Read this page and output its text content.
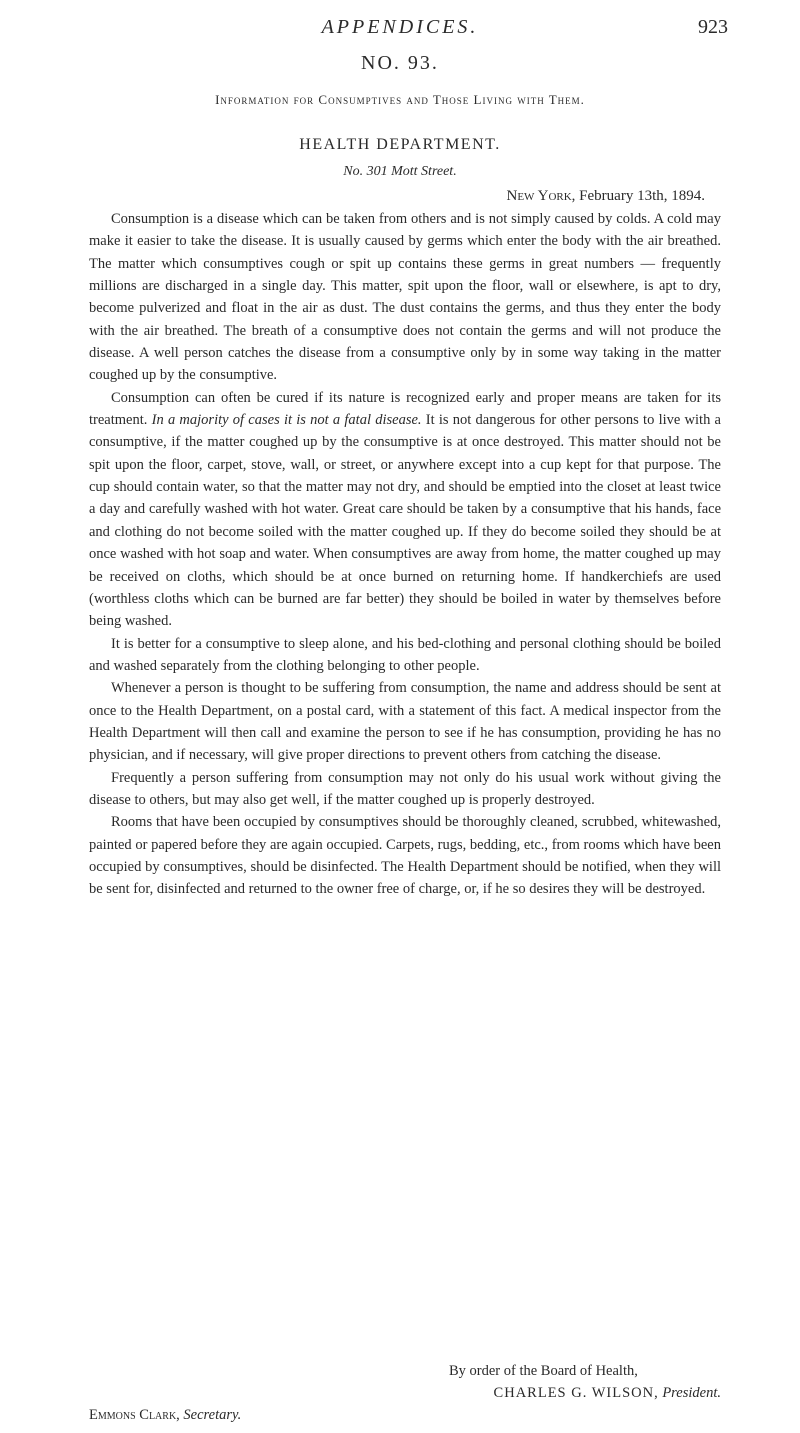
APPENDICES.	923
NO. 93.
Information for Consumptives and Those Living with Them.
HEALTH DEPARTMENT.
No. 301 Mott Street.
New York, February 13th, 1894.

Consumption is a disease which can be taken from others and is not simply caused by colds. A cold may make it easier to take the disease. It is usually caused by germs which enter the body with the air breathed. The matter which consumptives cough or spit up contains these germs in great numbers — frequently millions are discharged in a single day. This matter, spit upon the floor, wall or elsewhere, is apt to dry, become pulverized and float in the air as dust. The dust contains the germs, and thus they enter the body with the air breathed. The breath of a consumptive does not contain the germs and will not produce the disease. A well person catches the disease from a consumptive only by in some way taking in the matter coughed up by the consumptive.

Consumption can often be cured if its nature is recognized early and proper means are taken for its treatment. In a majority of cases it is not a fatal disease. It is not dangerous for other persons to live with a consumptive, if the matter coughed up by the consumptive is at once destroyed. This matter should not be spit upon the floor, carpet, stove, wall, or street, or anywhere except into a cup kept for that purpose. The cup should contain water, so that the matter may not dry, and should be emptied into the closet at least twice a day and carefully washed with hot water. Great care should be taken by a consumptive that his hands, face and clothing do not become soiled with the matter coughed up. If they do become soiled they should be at once washed with hot soap and water. When consumptives are away from home, the matter coughed up may be received on cloths, which should be at once burned on returning home. If handkerchiefs are used (worthless cloths which can be burned are far better) they should be boiled in water by themselves before being washed.

It is better for a consumptive to sleep alone, and his bed-clothing and personal clothing should be boiled and washed separately from the clothing belonging to other people.

Whenever a person is thought to be suffering from consumption, the name and address should be sent at once to the Health Department, on a postal card, with a statement of this fact. A medical inspector from the Health Department will then call and examine the person to see if he has consumption, providing he has no physician, and if necessary, will give proper directions to prevent others from catching the disease.

Frequently a person suffering from consumption may not only do his usual work without giving the disease to others, but may also get well, if the matter coughed up is properly destroyed.

Rooms that have been occupied by consumptives should be thoroughly cleaned, scrubbed, whitewashed, painted or papered before they are again occupied. Carpets, rugs, bedding, etc., from rooms which have been occupied by consumptives, should be disinfected. The Health Department should be notified, when they will be sent for, disinfected and returned to the owner free of charge, or, if he so desires they will be destroyed.

By order of the Board of Health,
CHARLES G. WILSON, President.
Emmons Clark, Secretary.
